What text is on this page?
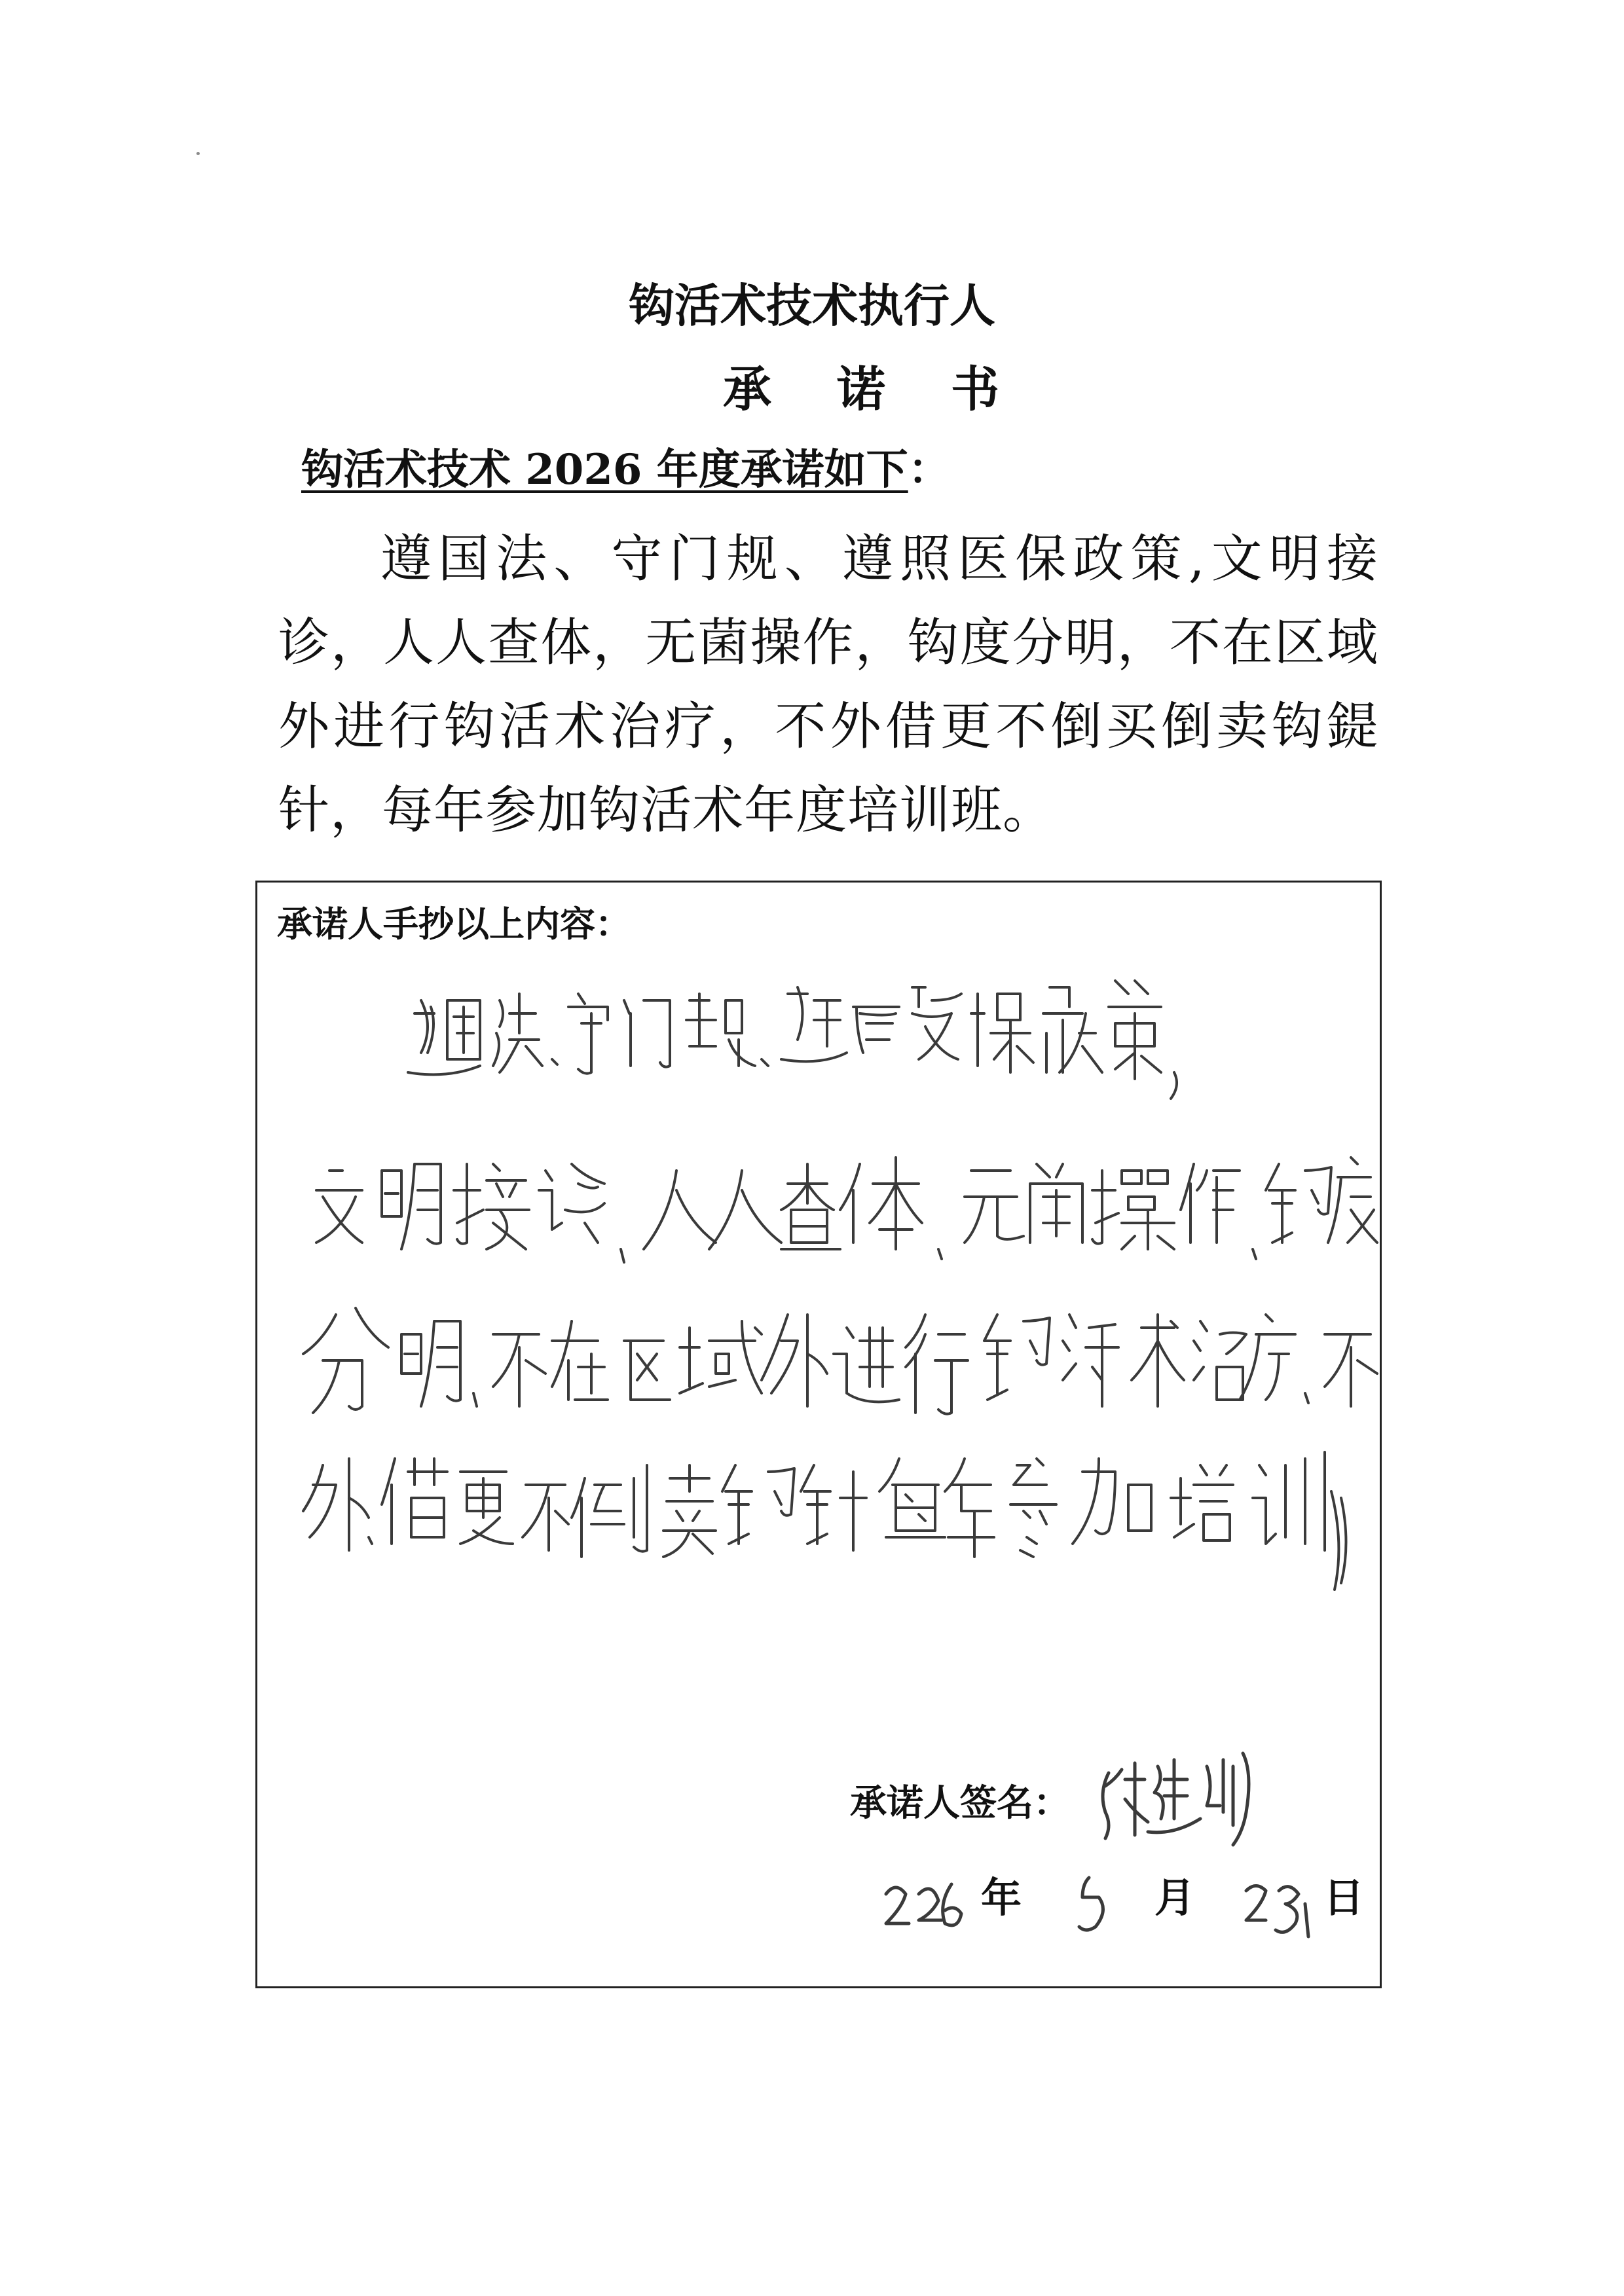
钩活术技术执行人
承诺书
钩活术技术 2026 年度承诺如下：
遵国法、守门规、遵照医保政策,文明接诊，人人查体，无菌操作，钩度分明，不在区域外进行钩活术治疗，不外借更不倒买倒卖钩鍉针，每年参加钩活术年度培训班。
承诺人手抄以上内容：
承诺人签名：
年	月	日
